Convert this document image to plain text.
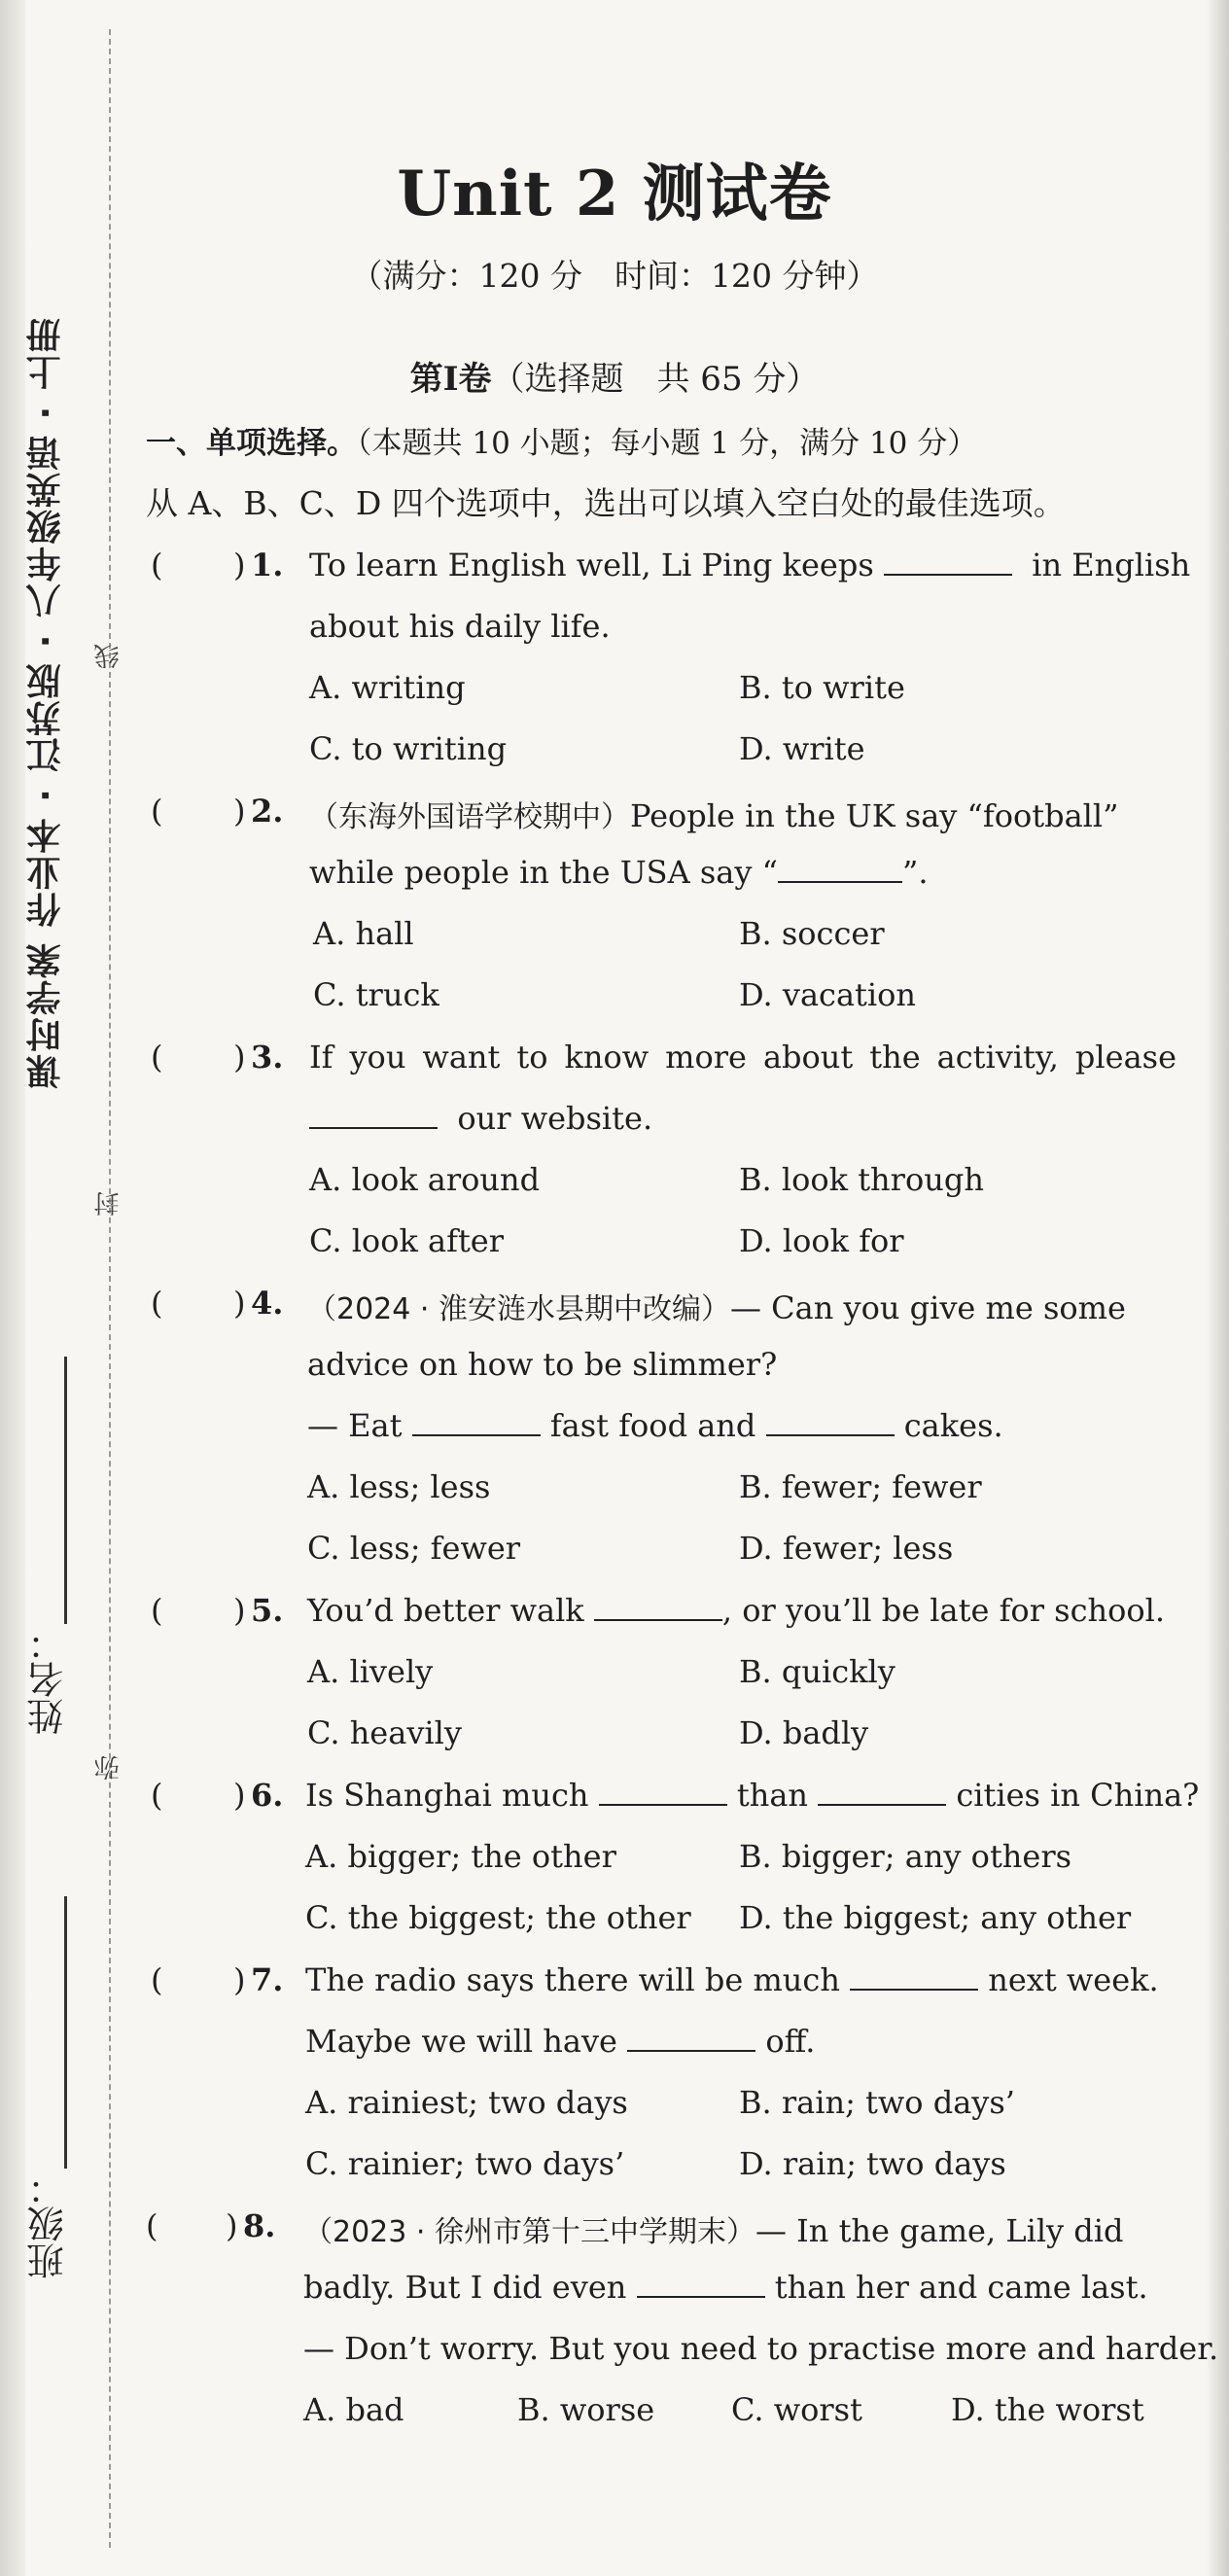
课时学案 作业本 · 江苏版 · 八年级英语 · 上册 线
封
弥
姓名：
班级：
Unit 2 测试卷
（满分：120 分　时间：120 分钟）
第Ⅰ卷（选择题　共 65 分）
一、单项选择。（本题共 10 小题；每小题 1 分，满分 10 分）
从 A、B、C、D 四个选项中，选出可以填入空白处的最佳选项。
( ) 1. To learn English well, Li Ping keeps	in English
about his daily life.
A. writing	B. to write
C. to writing	D. write
( ) 2. （东海外国语学校期中）People in the UK say “football”
while people in the USA say “	”.
A. hall	B. soccer
C. truck	D. vacation
( ) 3. If you want to know more about the activity, please
our website.
A. look around	B. look through
C. look after	D. look for
( ) 4. （2024 · 淮安涟水县期中改编）— Can you give me some
advice on how to be slimmer?
— Eat	fast food and	cakes.
A. less; less	B. fewer; fewer
C. less; fewer	D. fewer; less
( ) 5. You’d better walk	, or you’ll be late for school.
A. lively	B. quickly
C. heavily	D. badly
( ) 6. Is Shanghai much	than	cities in China?
A. bigger; the other	B. bigger; any others
C. the biggest; the other D. the biggest; any other
( ) 7. The radio says there will be much	next week.
Maybe we will have	off.
A. rainiest; two days	B. rain; two days’
C. rainier; two days’	D. rain; two days
( ) 8. （2023 · 徐州市第十三中学期末）— In the game, Lily did
badly. But I did even	than her and came last.
— Don’t worry. But you need to practise more and harder.
A. bad	B. worse C. worst	D. the worst
